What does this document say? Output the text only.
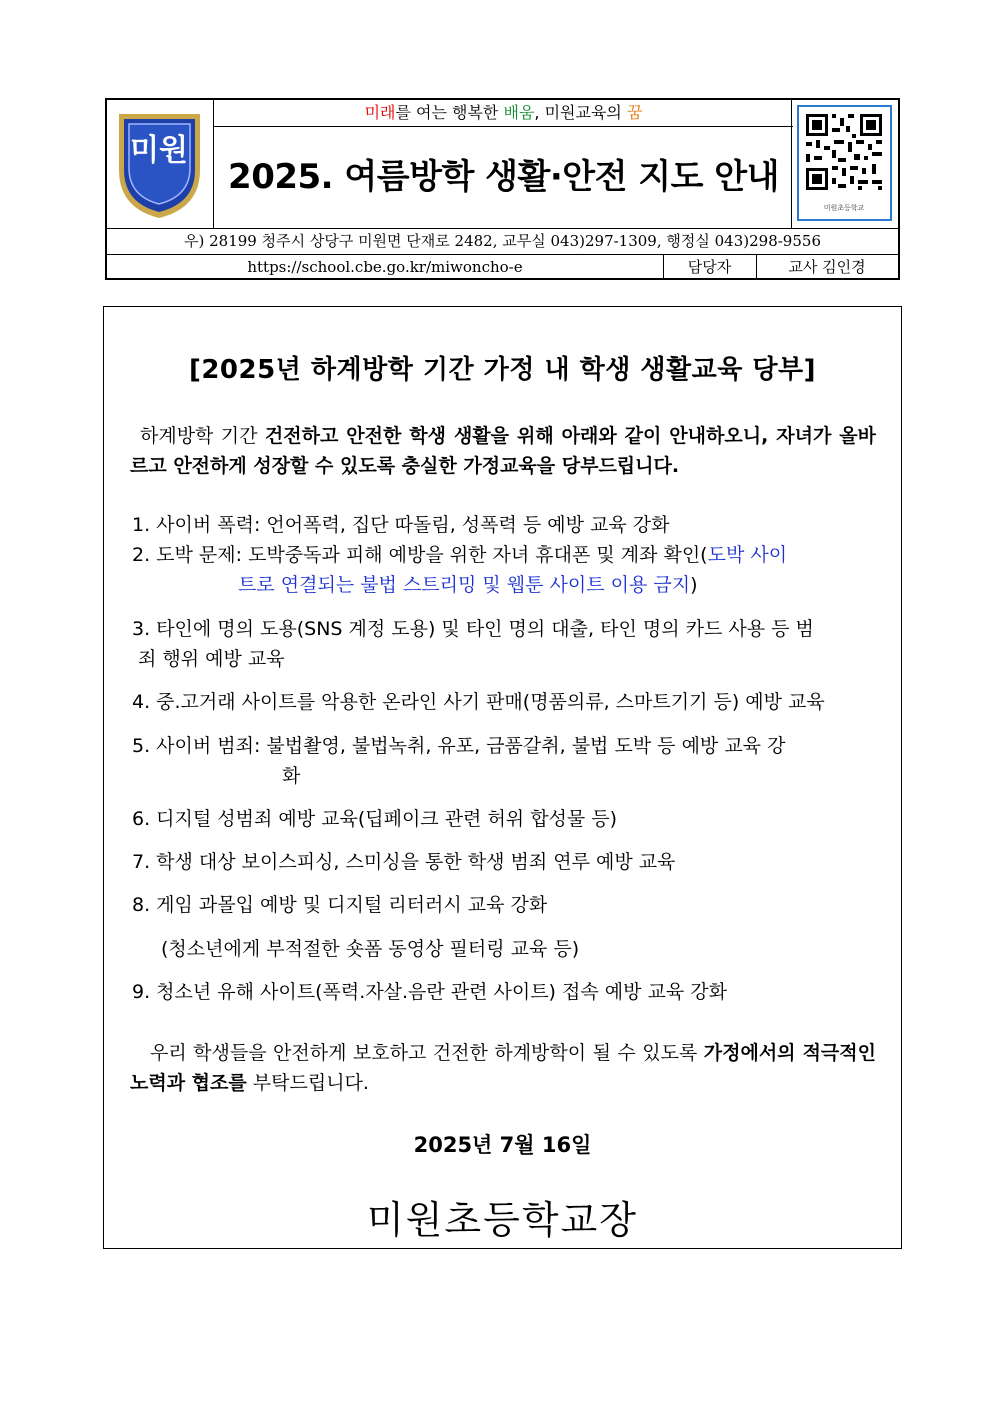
미원
미래를 여는 행복한 배움, 미원교육의 꿈
2025. 여름방학 생활·안전 지도 안내
미원초등학교
우) 28199 청주시 상당구 미원면 단재로 2482, 교무실 043)297-1309, 행정실 043)298-9556
https://school.cbe.go.kr/miwoncho-e	담당자	교사 김인경
[2025년 하계방학 기간 가정 내 학생 생활교육 당부]
하계방학 기간 건전하고 안전한 학생 생활을 위해 아래와 같이 안내하오니, 자녀가 올바르고 안전하게 성장할 수 있도록 충실한 가정교육을 당부드립니다.
1. 사이버 폭력: 언어폭력, 집단 따돌림, 성폭력 등 예방 교육 강화
2. 도박 문제: 도박중독과 피해 예방을 위한 자녀 휴대폰 및 계좌 확인(도박 사이
트로 연결되는 불법 스트리밍 및 웹툰 사이트 이용 금지)
3. 타인에 명의 도용(SNS 계정 도용) 및 타인 명의 대출, 타인 명의 카드 사용 등 범
죄 행위 예방 교육
4. 중.고거래 사이트를 악용한 온라인 사기 판매(명품의류, 스마트기기 등) 예방 교육
5. 사이버 범죄: 불법촬영, 불법녹취, 유포, 금품갈취, 불법 도박 등 예방 교육 강
화
6. 디지털 성범죄 예방 교육(딥페이크 관련 허위 합성물 등)
7. 학생 대상 보이스피싱, 스미싱을 통한 학생 범죄 연루 예방 교육
8. 게임 과몰입 예방 및 디지털 리터러시 교육 강화
(청소년에게 부적절한 숏폼 동영상 필터링 교육 등)
9. 청소년 유해 사이트(폭력.자살.음란 관련 사이트) 접속 예방 교육 강화
우리 학생들을 안전하게 보호하고 건전한 하계방학이 될 수 있도록 가정에서의 적극적인 노력과 협조를 부탁드립니다.
2025년 7월 16일
미원초등학교장
